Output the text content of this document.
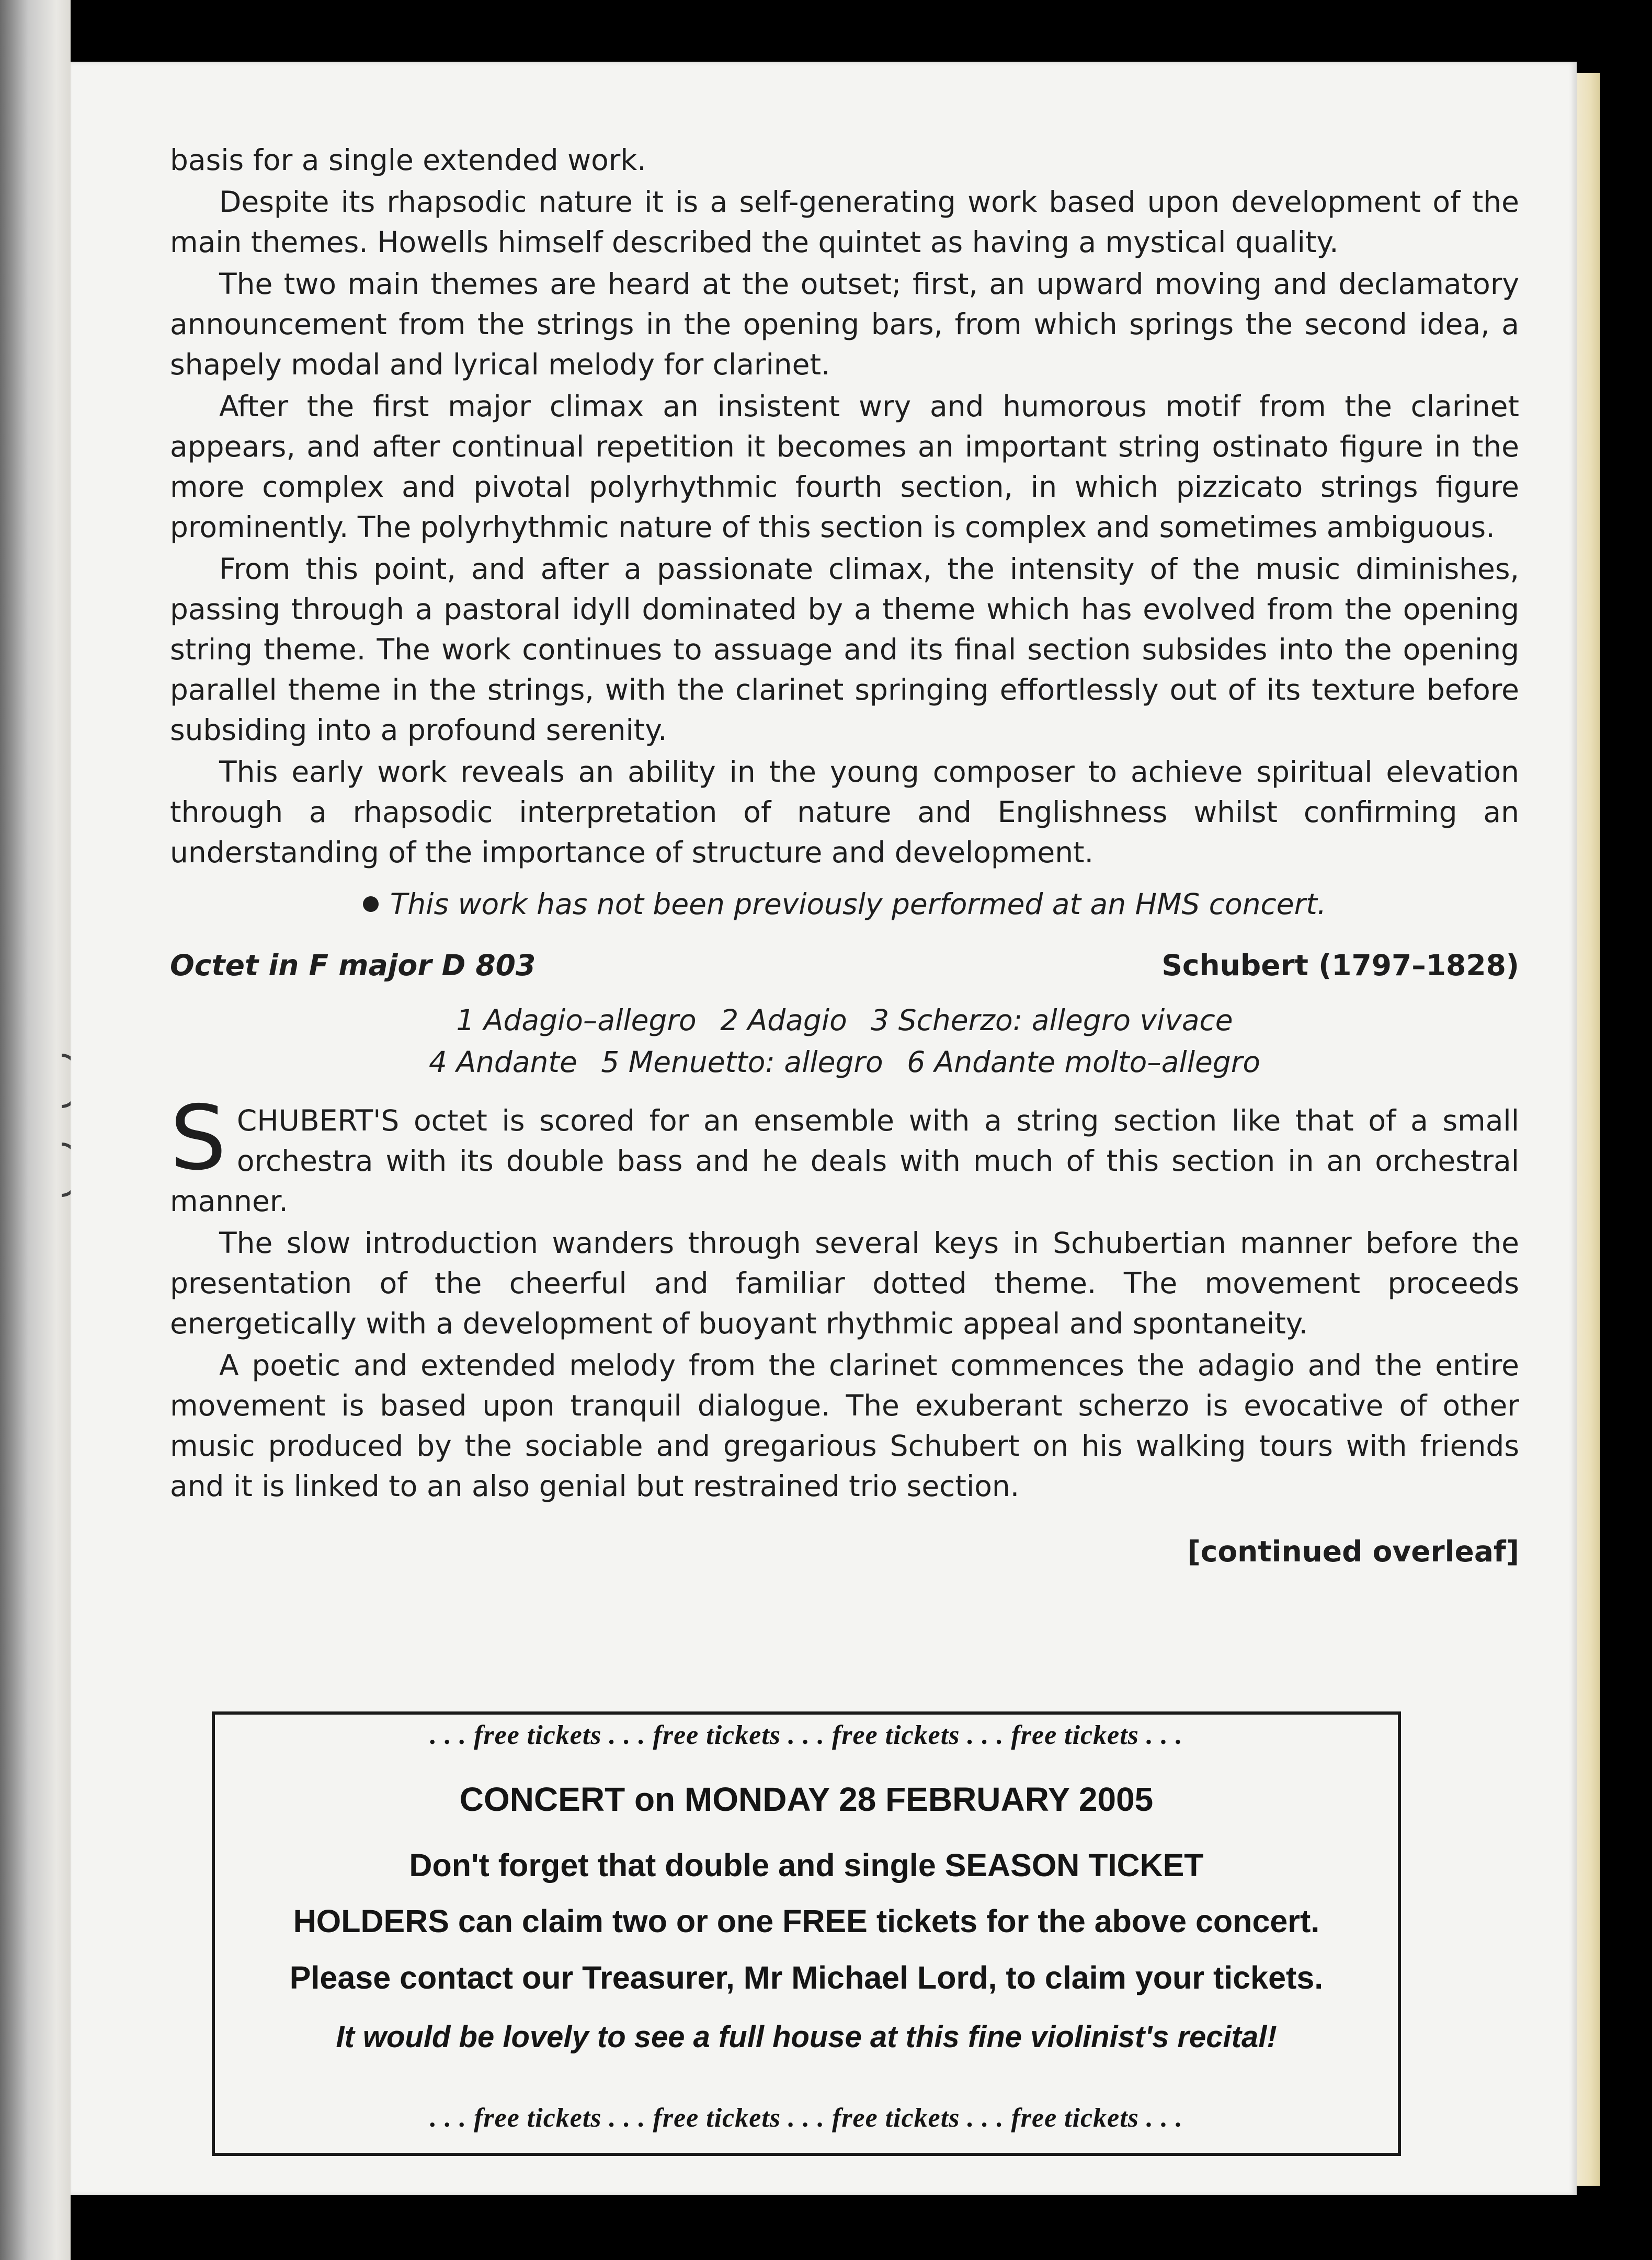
basis for a single extended work.

Despite its rhapsodic nature it is a self-generating work based upon development of the main themes. Howells himself described the quintet as having a mystical quality.

The two main themes are heard at the outset; first, an upward moving and declamatory announcement from the strings in the opening bars, from which springs the second idea, a shapely modal and lyrical melody for clarinet.

After the first major climax an insistent wry and humorous motif from the clarinet appears, and after continual repetition it becomes an important string ostinato figure in the more complex and pivotal polyrhythmic fourth section, in which pizzicato strings figure prominently. The polyrhythmic nature of this section is complex and sometimes ambiguous.

From this point, and after a passionate climax, the intensity of the music diminishes, passing through a pastoral idyll dominated by a theme which has evolved from the opening string theme. The work continues to assuage and its final section subsides into the opening parallel theme in the strings, with the clarinet springing effortlessly out of its texture before subsiding into a profound serenity.

This early work reveals an ability in the young composer to achieve spiritual elevation through a rhapsodic interpretation of nature and Englishness whilst confirming an understanding of the importance of structure and development.

This work has not been previously performed at an HMS concert.
Octet in F major D 803	Schubert (1797–1828)
1 Adagio–allegro 2 Adagio 3 Scherzo: allegro vivace
4 Andante 5 Menuetto: allegro 6 Andante molto–allegro

SCHUBERT'S octet is scored for an ensemble with a string section like that of a small orchestra with its double bass and he deals with much of this section in an orchestral manner.

The slow introduction wanders through several keys in Schubertian manner before the presentation of the cheerful and familiar dotted theme. The movement proceeds energetically with a development of buoyant rhythmic appeal and spontaneity.

A poetic and extended melody from the clarinet commences the adagio and the entire movement is based upon tranquil dialogue. The exuberant scherzo is evocative of other music produced by the sociable and gregarious Schubert on his walking tours with friends and it is linked to an also genial but restrained trio section.

[continued overleaf]
. . . free tickets . . . free tickets . . . free tickets . . . free tickets . . .
CONCERT on MONDAY 28 FEBRUARY 2005
Don't forget that double and single SEASON TICKET
HOLDERS can claim two or one FREE tickets for the above concert.
Please contact our Treasurer, Mr Michael Lord, to claim your tickets.
It would be lovely to see a full house at this fine violinist's recital!
. . . free tickets . . . free tickets . . . free tickets . . . free tickets . . .
